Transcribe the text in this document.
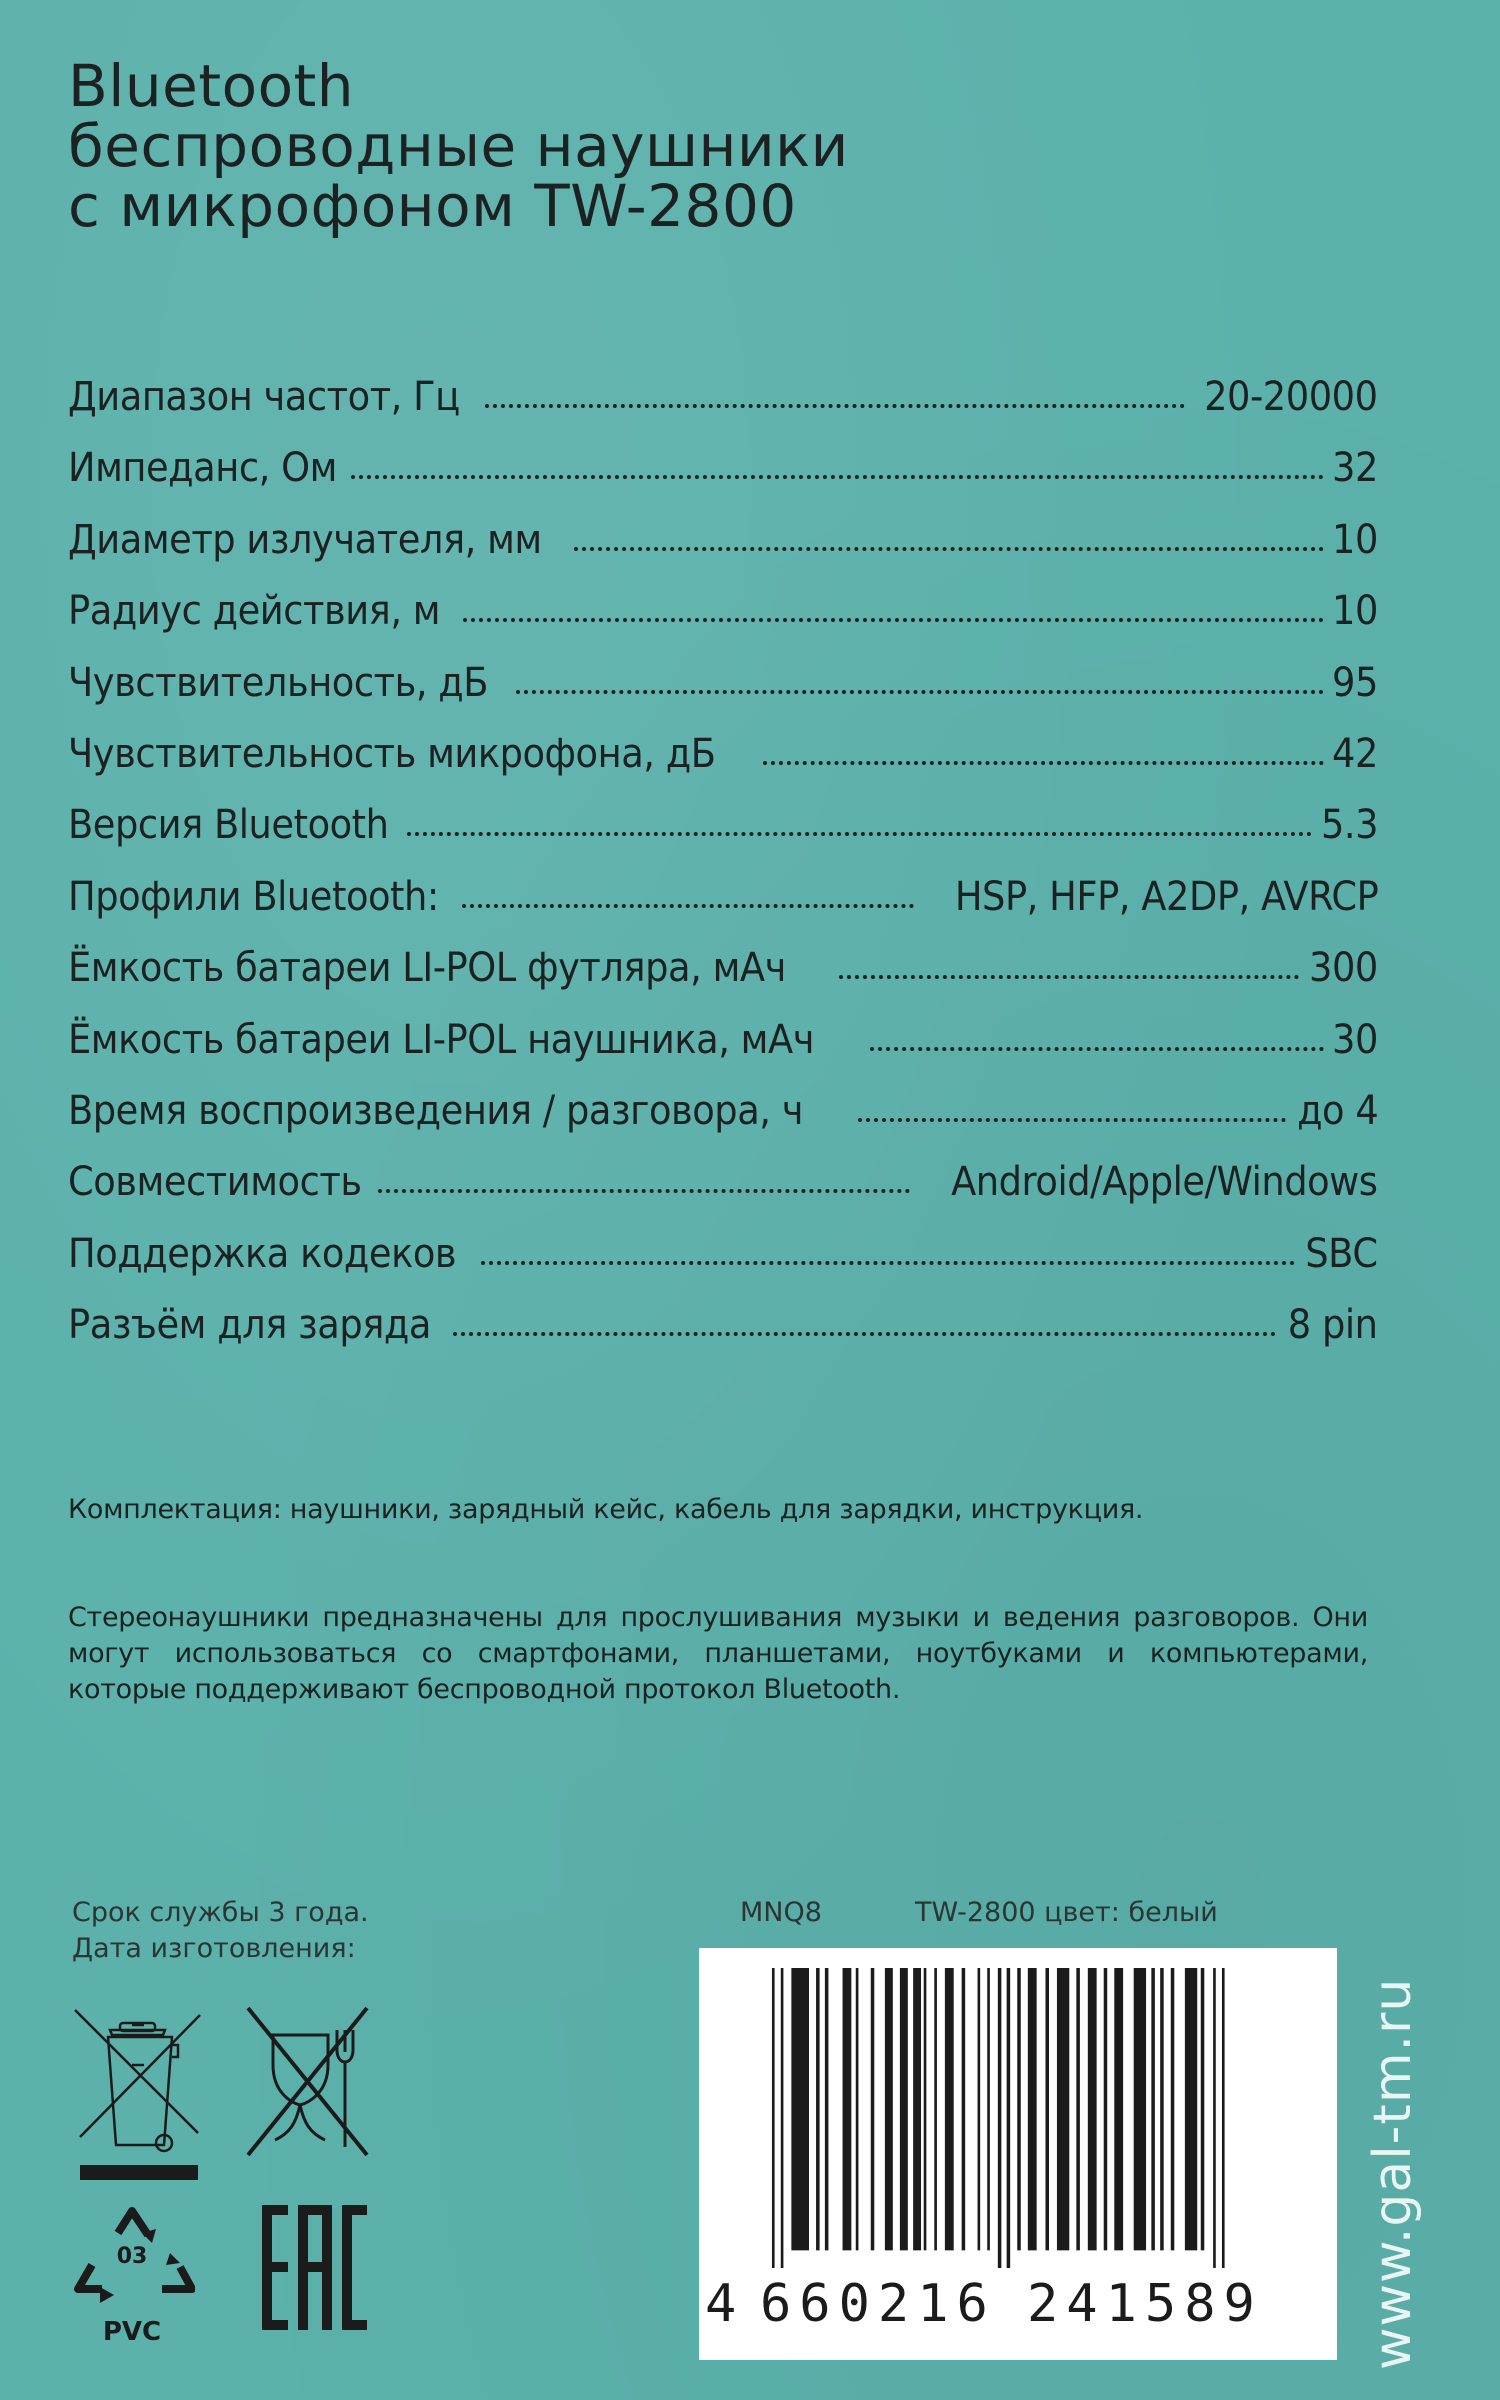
Bluetooth
беспроводные наушники
с микрофоном TW-2800
Диапазон частот, Гц	20-20000
Импеданс, Ом	32
Диаметр излучателя, мм	10
Радиус действия, м	10
Чувствительность, дБ	95
Чувствительность микрофона, дБ	42
Версия Bluetooth	5.3
Профили Bluetooth:	HSP, HFP, A2DP, AVRCP
Ёмкость батареи LI-POL футляра, мАч	300
Ёмкость батареи LI-POL наушника, мАч	30
Время воспроизведения / разговора, ч	до 4
Совместимость	Android/Apple/Windows
Поддержка кодеков	SBC
Разъём для заряда	8 pin
Комплектация: наушники, зарядный кейс, кабель для зарядки, инструкция.
Стереонаушники предназначены для прослушивания музыки и ведения разговоров. Они могут использоваться со смартфонами, планшетами, ноутбуками и компьютерами, которые поддерживают беспроводной протокол Bluetooth.
Срок службы 3 года.
Дата изготовления:
03
PVC
MNQ8	TW-2800 цвет: белый
4 660216 241589 www.gal-tm.ru
